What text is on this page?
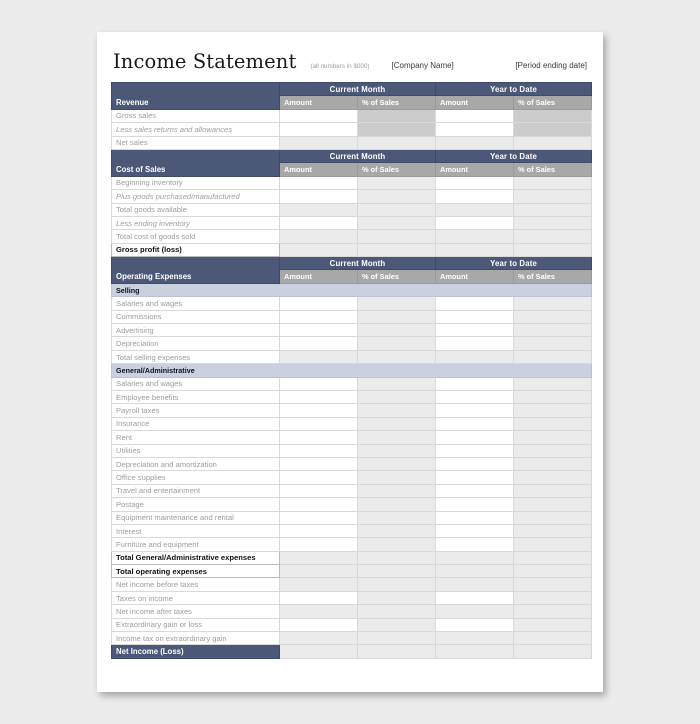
Income Statement (all numbers in $000)	[Company Name]	[Period ending date]
Revenue	Current Month		Year to Date	
	Amount	% of Sales	Amount	% of Sales
Gross sales				
Less sales returns and allowances				
Net sales				
Cost of Sales	Current Month		Year to Date	
	Amount	% of Sales	Amount	% of Sales
Beginning inventory				
Plus goods purchased/manufactured				
Total goods available				
Less ending inventory				
Total cost of goods sold				
Gross profit (loss)				
Operating Expenses	Current Month		Year to Date	
	Amount	% of Sales	Amount	% of Sales
Selling				
Salaries and wages				
Commissions				
Advertising				
Depreciation				
Total selling expenses				
General/Administrative				
Salaries and wages				
Employee benefits				
Payroll taxes				
Insurance				
Rent				
Utilities				
Depreciation and amortization				
Office supplies				
Travel and entertainment				
Postage				
Equipment maintenance and rental				
Interest				
Furniture and equipment				
Total General/Administrative expenses				
Total operating expenses				
Net income before taxes				
Taxes on income				
Net income after taxes				
Extraordinary gain or loss				
Income tax on extraordinary gain				
Net Income (Loss)				
